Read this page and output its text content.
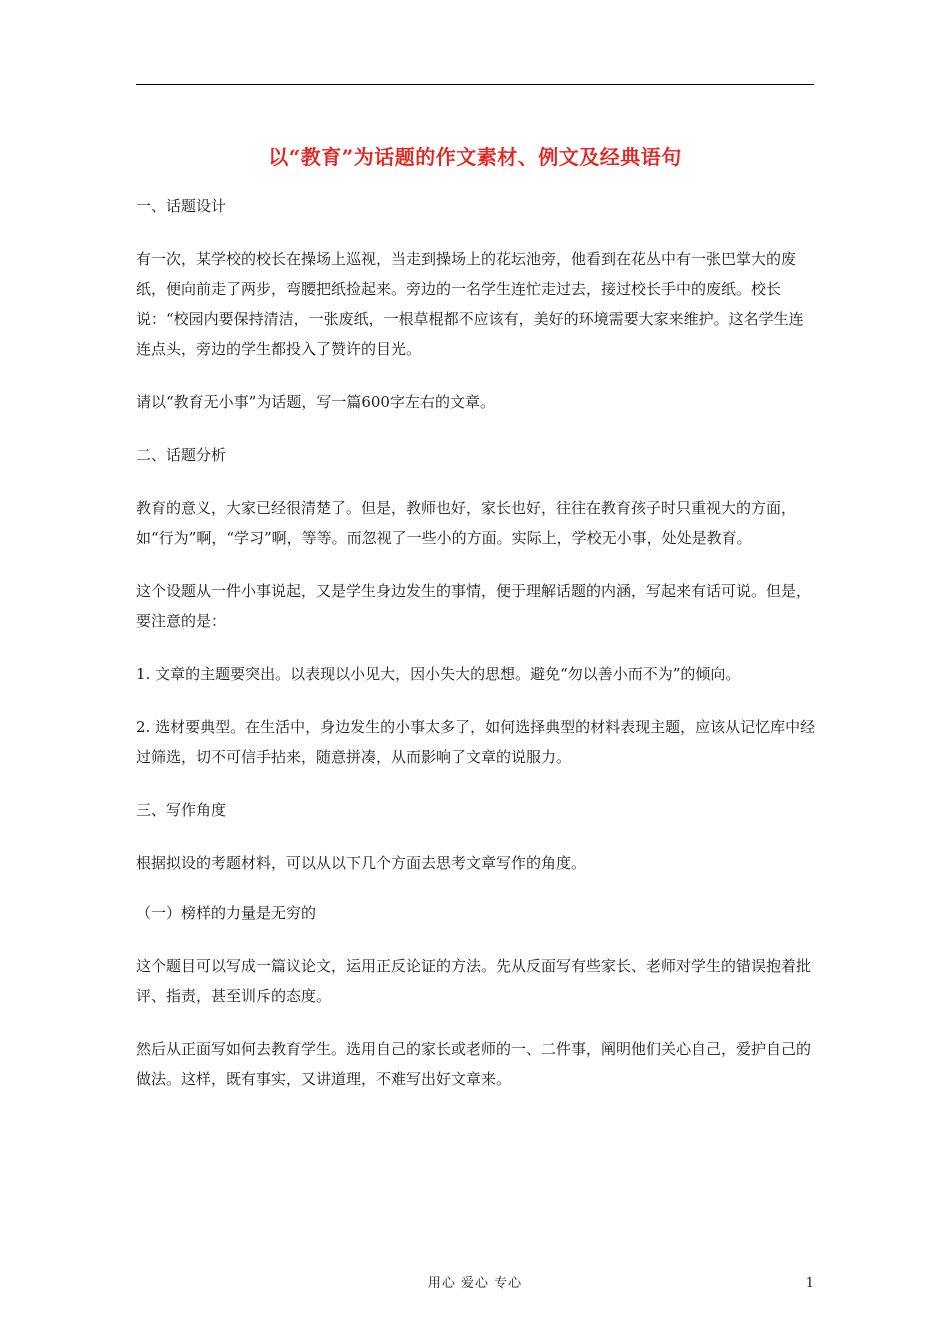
以“教育”为话题的作文素材、例文及经典语句

一、话题设计

有一次，某学校的校长在操场上巡视，当走到操场上的花坛池旁，他看到在花丛中有一张巴掌大的废纸，便向前走了两步，弯腰把纸捡起来。旁边的一名学生连忙走过去，接过校长手中的废纸。校长说：“校园内要保持清洁，一张废纸，一根草棍都不应该有，美好的环境需要大家来维护。这名学生连连点头，旁边的学生都投入了赞许的目光。

请以“教育无小事”为话题，写一篇600字左右的文章。

二、话题分析

教育的意义，大家已经很清楚了。但是，教师也好，家长也好，往往在教育孩子时只重视大的方面，如“行为”啊，“学习”啊，等等。而忽视了一些小的方面。实际上，学校无小事，处处是教育。

这个设题从一件小事说起，又是学生身边发生的事情，便于理解话题的内涵，写起来有话可说。但是，要注意的是：

1. 文章的主题要突出。以表现以小见大，因小失大的思想。避免“勿以善小而不为”的倾向。

2. 选材要典型。在生活中，身边发生的小事太多了，如何选择典型的材料表现主题，应该从记忆库中经过筛选，切不可信手拈来，随意拼凑，从而影响了文章的说服力。

三、写作角度

根据拟设的考题材料，可以从以下几个方面去思考文章写作的角度。

（一）榜样的力量是无穷的

这个题目可以写成一篇议论文，运用正反论证的方法。先从反面写有些家长、老师对学生的错误抱着批评、指责，甚至训斥的态度。

然后从正面写如何去教育学生。选用自己的家长或老师的一、二件事，阐明他们关心自己，爱护自己的做法。这样，既有事实，又讲道理，不难写出好文章来。

用心 爱心 专心	1
